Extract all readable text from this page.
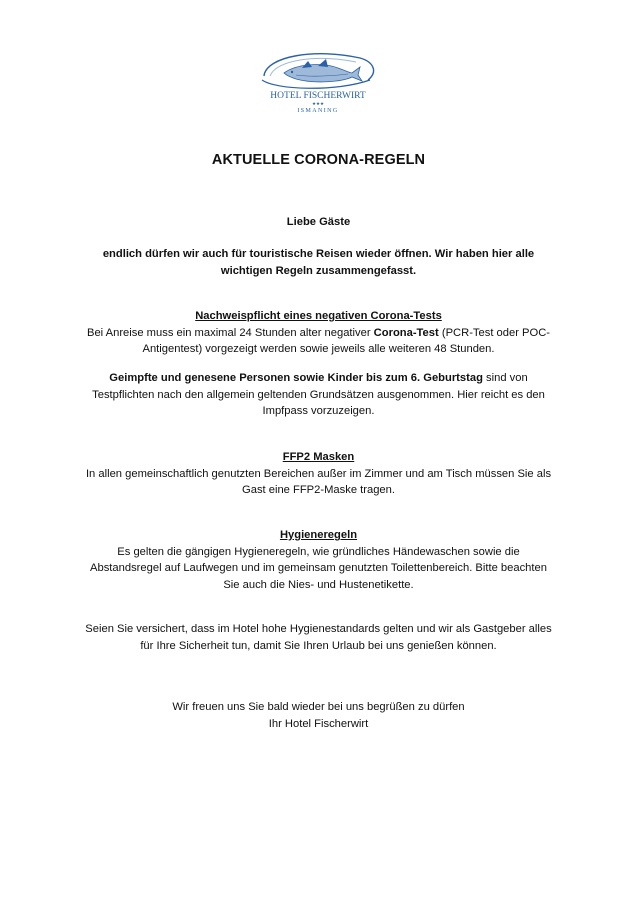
HOTEL FISCHERWIRT
★★★
ISMANING
AKTUELLE CORONA-REGELN
Liebe Gäste
endlich dürfen wir auch für touristische Reisen wieder öffnen. Wir haben hier alle
wichtigen Regeln zusammengefasst.
Nachweispflicht eines negativen Corona-Tests
Bei Anreise muss ein maximal 24 Stunden alter negativer Corona-Test (PCR-Test oder POC-
Antigentest) vorgezeigt werden sowie jeweils alle weiteren 48 Stunden.
Geimpfte und genesene Personen sowie Kinder bis zum 6. Geburtstag sind von
Testpflichten nach den allgemein geltenden Grundsätzen ausgenommen. Hier reicht es den
Impfpass vorzuzeigen.
FFP2 Masken
In allen gemeinschaftlich genutzten Bereichen außer im Zimmer und am Tisch müssen Sie als
Gast eine FFP2-Maske tragen.
Hygieneregeln
Es gelten die gängigen Hygieneregeln, wie gründliches Händewaschen sowie die
Abstandsregel auf Laufwegen und im gemeinsam genutzten Toilettenbereich. Bitte beachten
Sie auch die Nies- und Hustenetikette.
Seien Sie versichert, dass im Hotel hohe Hygienestandards gelten und wir als Gastgeber alles
für Ihre Sicherheit tun, damit Sie Ihren Urlaub bei uns genießen können.
Wir freuen uns Sie bald wieder bei uns begrüßen zu dürfen
Ihr Hotel Fischerwirt
